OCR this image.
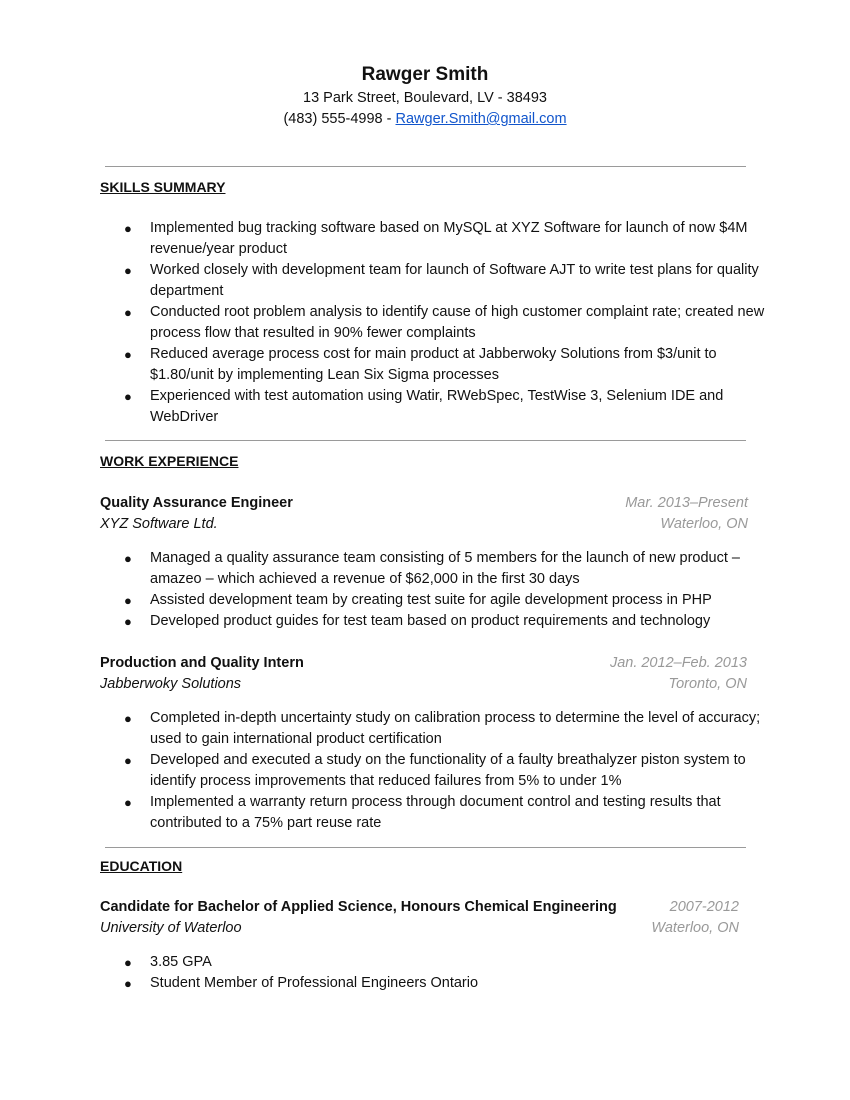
Rawger Smith
13 Park Street, Boulevard, LV - 38493
(483) 555-4998 - Rawger.Smith@gmail.com
SKILLS SUMMARY
● Implemented bug tracking software based on MySQL at XYZ Software for launch of now $4M revenue/year product
● Worked closely with development team for launch of Software AJT to write test plans for quality department
● Conducted root problem analysis to identify cause of high customer complaint rate; created new process flow that resulted in 90% fewer complaints
● Reduced average process cost for main product at Jabberwoky Solutions from $3/unit to $1.80/unit by implementing Lean Six Sigma processes
● Experienced with test automation using Watir, RWebSpec, TestWise 3, Selenium IDE and WebDriver
WORK EXPERIENCE
Quality Assurance Engineer	Mar. 2013–Present
XYZ Software Ltd.	Waterloo, ON
● Managed a quality assurance team consisting of 5 members for the launch of new product – amazeo – which achieved a revenue of $62,000 in the first 30 days
● Assisted development team by creating test suite for agile development process in PHP
● Developed product guides for test team based on product requirements and technology
Production and Quality Intern	Jan. 2012–Feb. 2013
Jabberwoky Solutions	Toronto, ON
● Completed in-depth uncertainty study on calibration process to determine the level of accuracy; used to gain international product certification
● Developed and executed a study on the functionality of a faulty breathalyzer piston system to identify process improvements that reduced failures from 5% to under 1%
● Implemented a warranty return process through document control and testing results that contributed to a 75% part reuse rate
EDUCATION
Candidate for Bachelor of Applied Science, Honours Chemical Engineering	2007-2012
University of Waterloo	Waterloo, ON
● 3.85 GPA
● Student Member of Professional Engineers Ontario
